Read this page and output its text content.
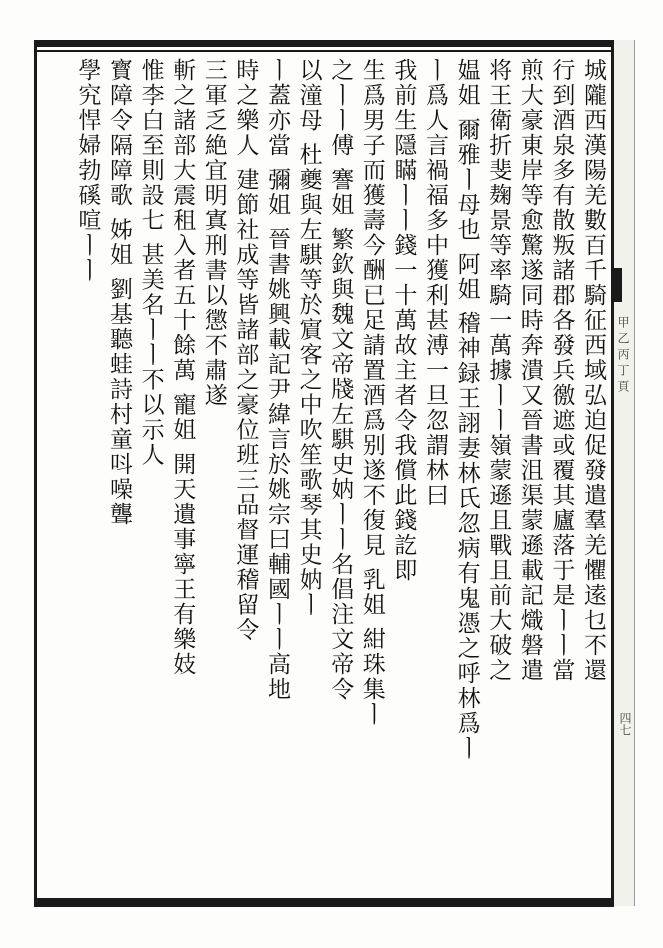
甲乙丙丁頁
四七
城隴西漢陽羌數百千騎征西域弘迫促發遣羣羌懼逺乜不還
行到酒泉多有散叛諸郡各發兵徼遮或覆其廬落于是ㅣㅣ當
煎大豪東岸等愈驚遂同時奔潰又晉書沮渠蒙遜載記熾磐遣
将王衛折斐麹景等率騎一萬據ㅣㅣ嶺蒙遜且戰且前大破之
媪姐 爾雅ㅣ母也 阿姐 稽神録王詡妻林氏忽病有鬼憑之呼林爲ㅣ
ㅣ爲人言禍福多中獲利甚溥一旦忽謂林曰
我前生隱瞞ㅣㅣ錢一十萬故主者令我償此錢訖即
生爲男子而獲壽今酬已足請置酒爲别遂不復見 乳姐 紺珠集ㅣ
之ㅣㅣ傅 謇姐 繁欽與魏文帝牋左騏史妠ㅣㅣ名倡注文帝令
以潼母 杜夔與左騏等於賔客之中吹笙歌琴其史妠ㅣ
ㅣ蓋亦當 彌姐 晉書姚興載記尹緯言於姚宗曰輔國ㅣㅣ高地
時之樂人 建節社成等皆諸部之豪位班三品督運稽留令
三軍乏絶宜明寘刑書以懲不肅遂
斬之諸部大震租入者五十餘萬 寵姐 開天遺事寧王有樂妓
惟李白至則設七 甚美名ㅣㅣ不以示人
寳障令隔障歌 姊姐 劉基聽蛙詩村童呌噪聾
學究悍婦勃磎喧ㅣㅣ
